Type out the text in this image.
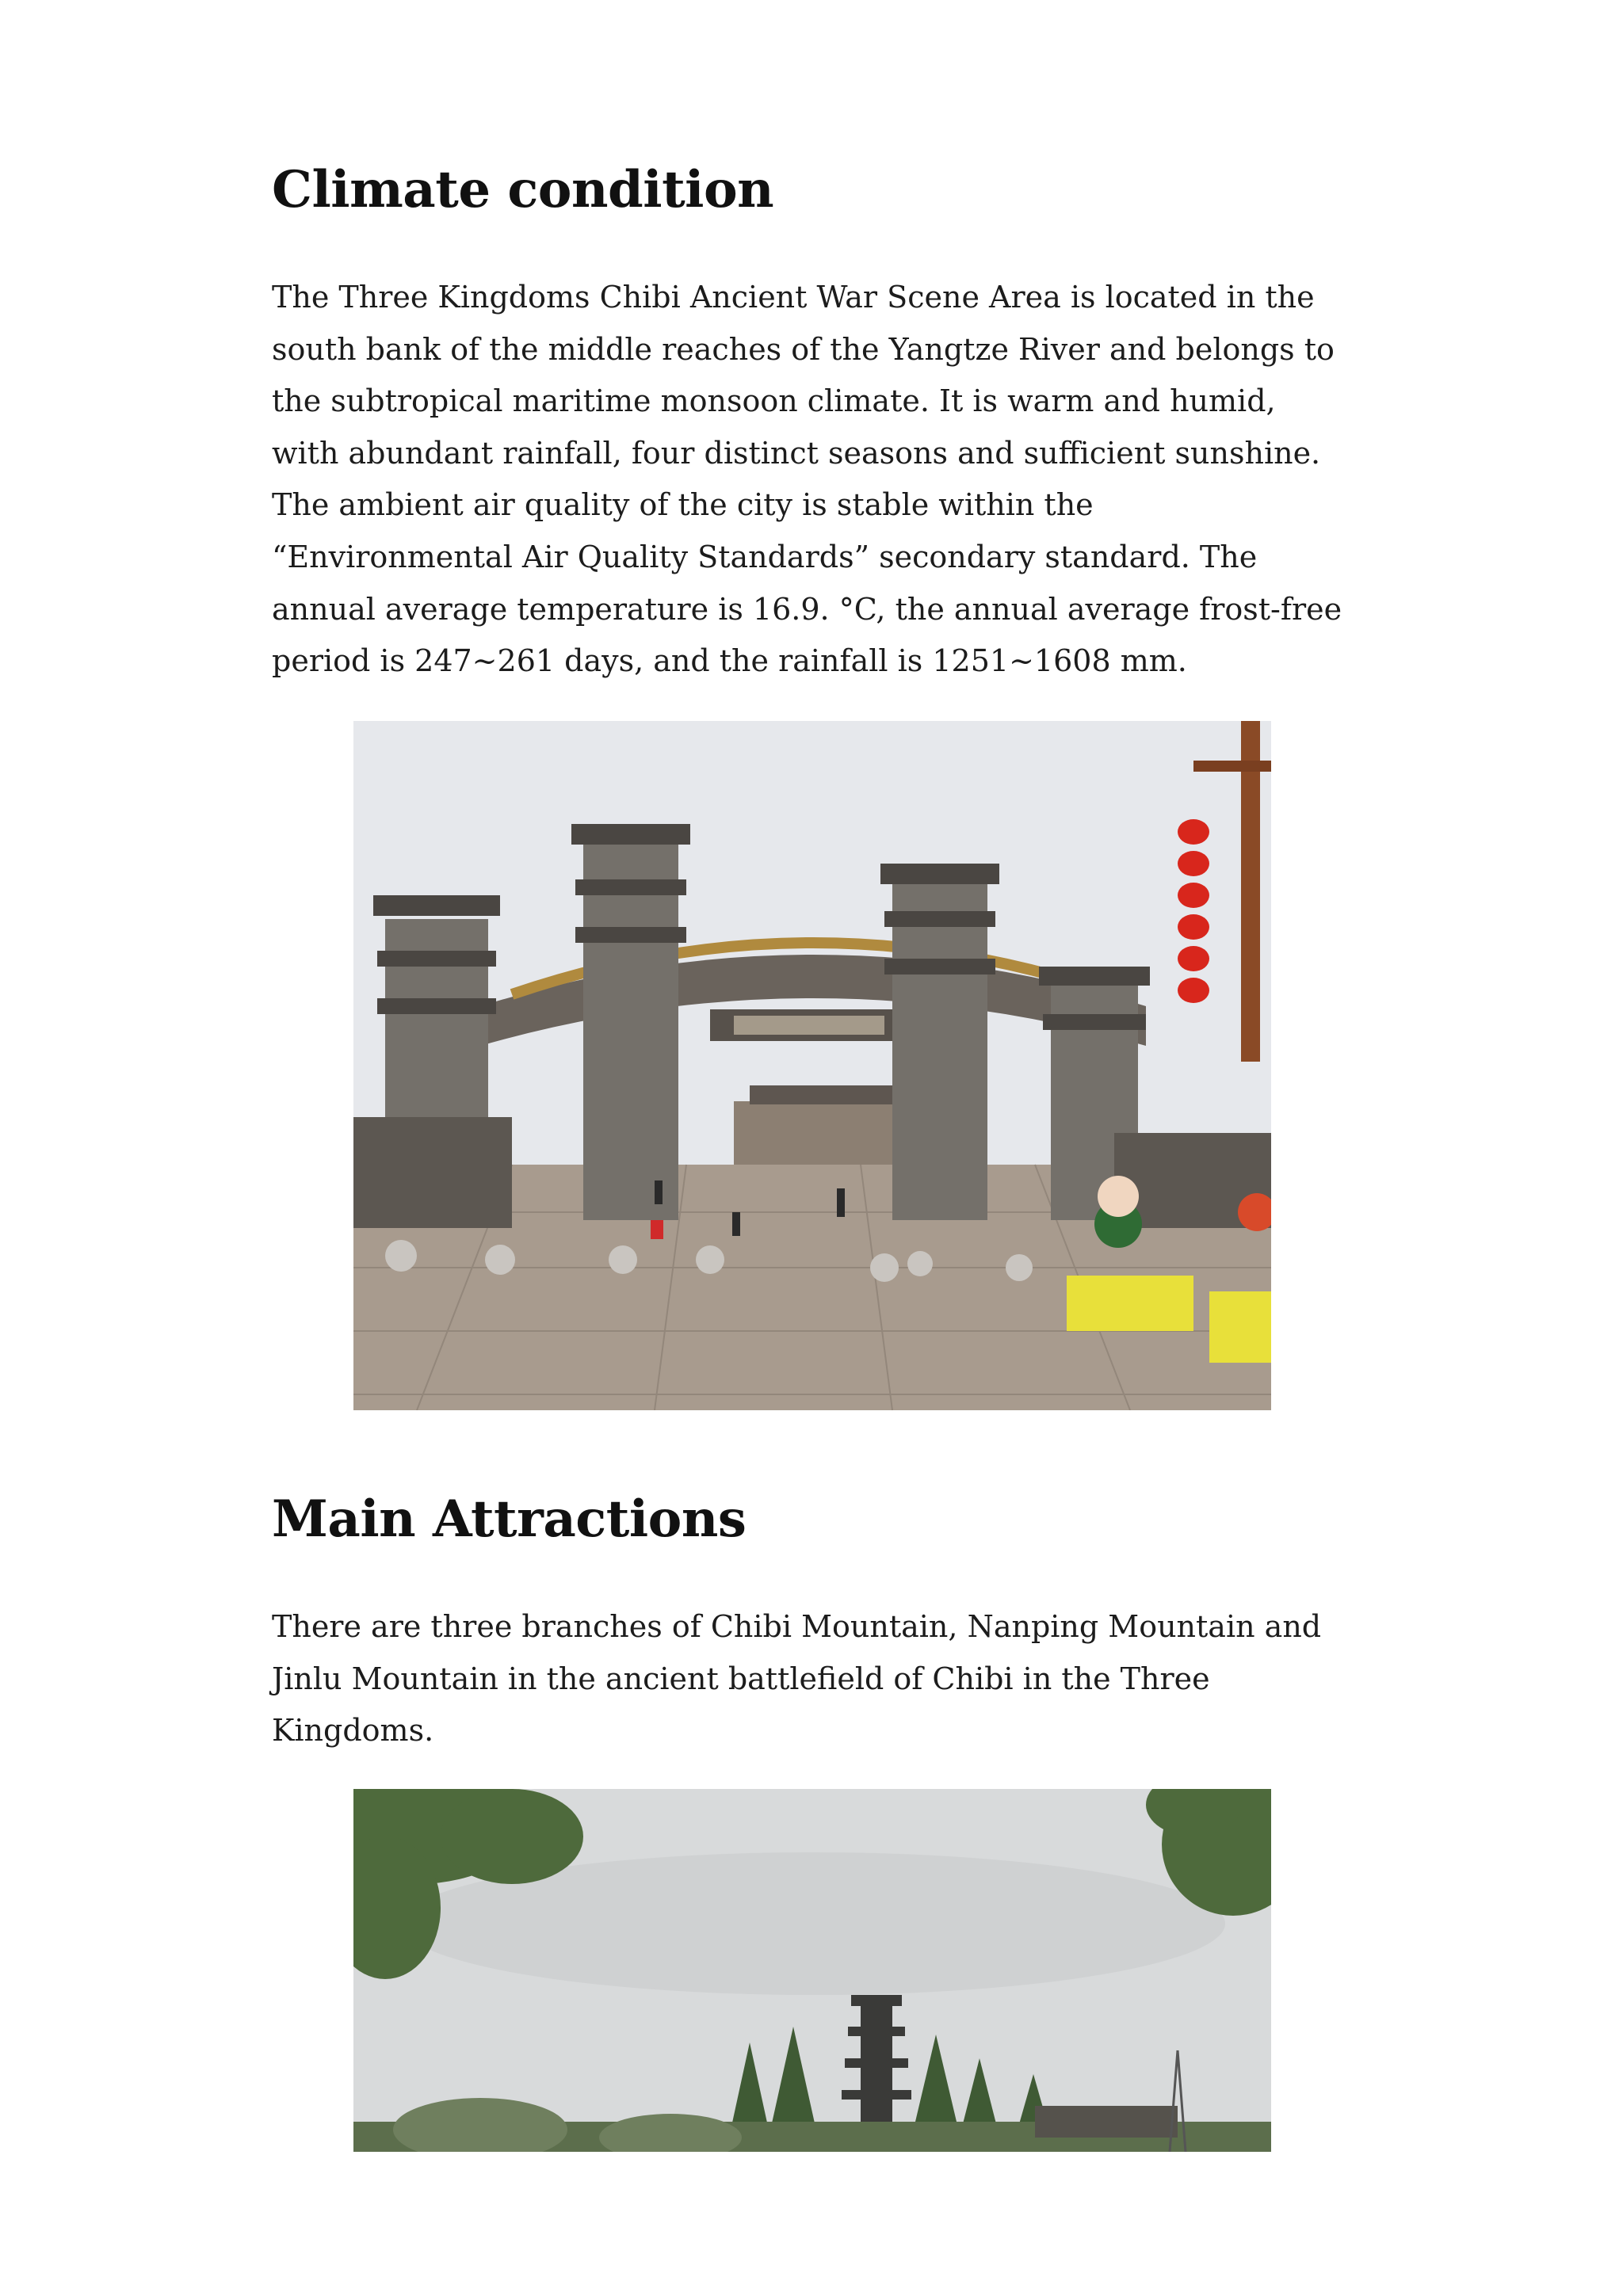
Climate condition

The Three Kingdoms Chibi Ancient War Scene Area is located in the
south bank of the middle reaches of the Yangtze River and belongs to
the subtropical maritime monsoon climate. It is warm and humid,
with abundant rainfall, four distinct seasons and sufficient sunshine.
The ambient air quality of the city is stable within the
“Environmental Air Quality Standards” secondary standard. The
annual average temperature is 16.9. °C, the annual average frost-free
period is 247~261 days, and the rainfall is 1251~1608 mm.

Main Attractions

There are three branches of Chibi Mountain, Nanping Mountain and
Jinlu Mountain in the ancient battlefield of Chibi in the Three
Kingdoms.
